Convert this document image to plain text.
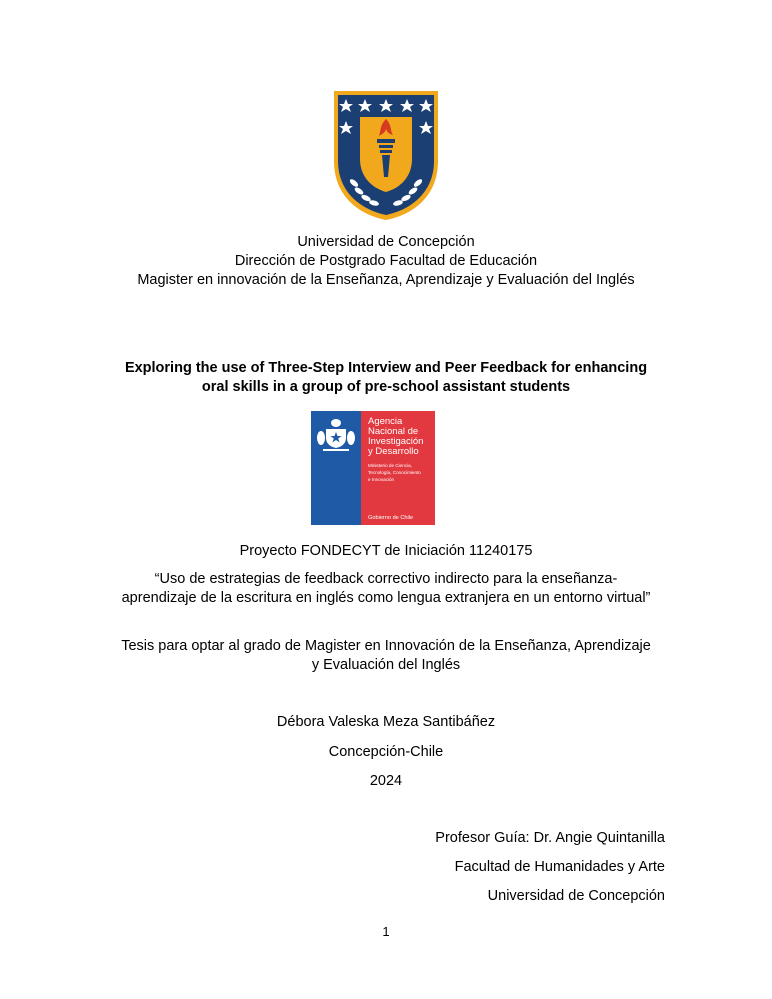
Universidad de Concepción
Dirección de Postgrado Facultad de Educación
Magister en innovación de la Enseñanza, Aprendizaje y Evaluación del Inglés
Exploring the use of Three-Step Interview and Peer Feedback for enhancing
oral skills in a group of pre-school assistant students
Agencia
Nacional de
Investigación
y Desarrollo
Ministerio de Ciencia,
Tecnología, Conocimiento
e Innovación
Gobierno de Chile
Proyecto FONDECYT de Iniciación 11240175
“Uso de estrategias de feedback correctivo indirecto para la enseñanza-
aprendizaje de la escritura en inglés como lengua extranjera en un entorno virtual”
Tesis para optar al grado de Magister en Innovación de la Enseñanza, Aprendizaje
y Evaluación del Inglés
Débora Valeska Meza Santibáñez
Concepción-Chile
2024
Profesor Guía: Dr. Angie Quintanilla
Facultad de Humanidades y Arte
Universidad de Concepción
1
